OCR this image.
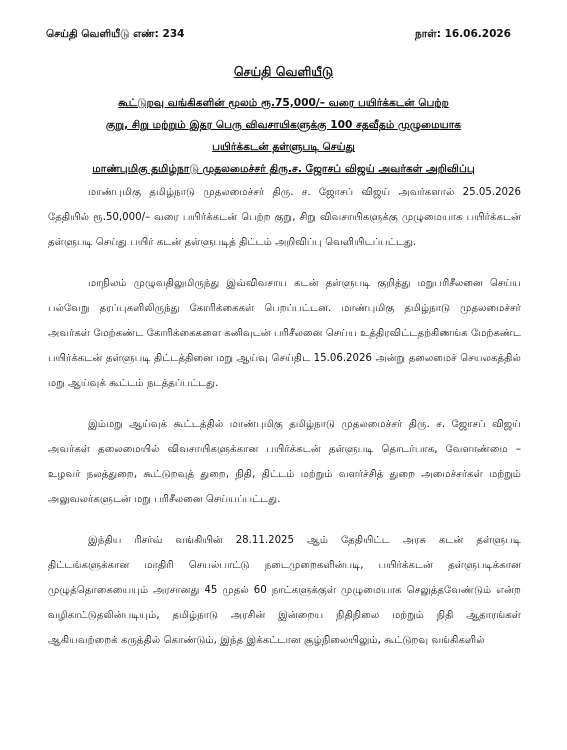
செய்தி வெளியீடு எண்: 234	நாள்: 16.06.2026
செய்தி வெளியீடு
கூட்டுறவு வங்கிகளின் மூலம் ரூ.75,000/– வரை பயிர்க்கடன் பெற்ற
குறு, சிறு மற்றும் இதர பெரு விவசாயிகளுக்கு 100 சதவீதம் முழுமையாக
பயிர்க்கடன் தள்ளுபடி செய்து
மாண்புமிகு தமிழ்நாடு முதலமைச்சர் திரு.ச. ஜோசப் விஜய் அவர்கள் அறிவிப்பு

மாண்புமிகு தமிழ்நாடு முதலமைச்சர் திரு. ச. ஜோசப் விஜய் அவர்களால் 25.05.2026 தேதியில் ரூ.50,000/– வரை பயிர்க்கடன் பெற்ற குறு, சிறு விவசாயிகளுக்கு முழுமையாக பயிர்க்கடன் தள்ளுபடி செய்து பயிர் கடன் தள்ளுபடித் திட்டம் அறிவிப்பு வெளியிடப்பட்டது.

மாநிலம் முழுவதிலுமிருந்து இவ்விவசாய கடன் தள்ளுபடி குறித்து மறுபரிசீலனை செய்ய பல்வேறு தரப்புகளிலிருந்து கோரிக்கைகள் பெறப்பட்டன. மாண்புமிகு தமிழ்நாடு முதலமைச்சர் அவர்கள் மேற்கண்ட கோரிக்கைகளை கனிவுடன் பரிசீலனை செய்ய உத்திரவிட்டதற்கிணங்க மேற்கண்ட பயிர்க்கடன் தள்ளுபடி திட்டத்தினை மறு ஆய்வு செய்திட 15.06.2026 அன்று தலைமைச் செயலகத்தில் மறு ஆய்வுக் கூட்டம் நடத்தப்பட்டது.

இம்மறு ஆய்வுக் கூட்டத்தில் மாண்புமிகு தமிழ்நாடு முதலமைச்சர் திரு. ச. ஜோசப் விஜய் அவர்கள் தலைமையில் விவசாயிகளுக்கான பயிர்க்கடன் தள்ளுபடி தொடர்பாக, வேளாண்மை – உழவர் நலத்துறை, கூட்டுறவுத் துறை, நிதி, திட்டம் மற்றும் வளர்ச்சித் துறை அமைச்சர்கள் மற்றும் அலுவலர்களுடன் மறு பரிசீலனை செய்யப்பட்டது.

இந்திய ரிசர்வ் வங்கியின் 28.11.2025 ஆம் தேதியிட்ட அரசு கடன் தள்ளுபடி திட்டங்களுக்கான மாதிரி செயல்பாட்டு நடைமுறைகளின்படி, பயிர்க்கடன் தள்ளுபடிக்கான முழுத்தொகையையும் அரசானது 45 முதல் 60 நாட்களுக்குள் முழுமையாக செலுத்தவேண்டும் என்ற வழிகாட்டுதலின்படியும், தமிழ்நாடு அரசின் இன்றைய நிதிநிலை மற்றும் நிதி ஆதாரங்கள் ஆகியவற்றைக் கருத்தில் கொண்டும், இந்த இக்கட்டான சூழ்நிலையிலும், கூட்டுறவு வங்கிகளில்
